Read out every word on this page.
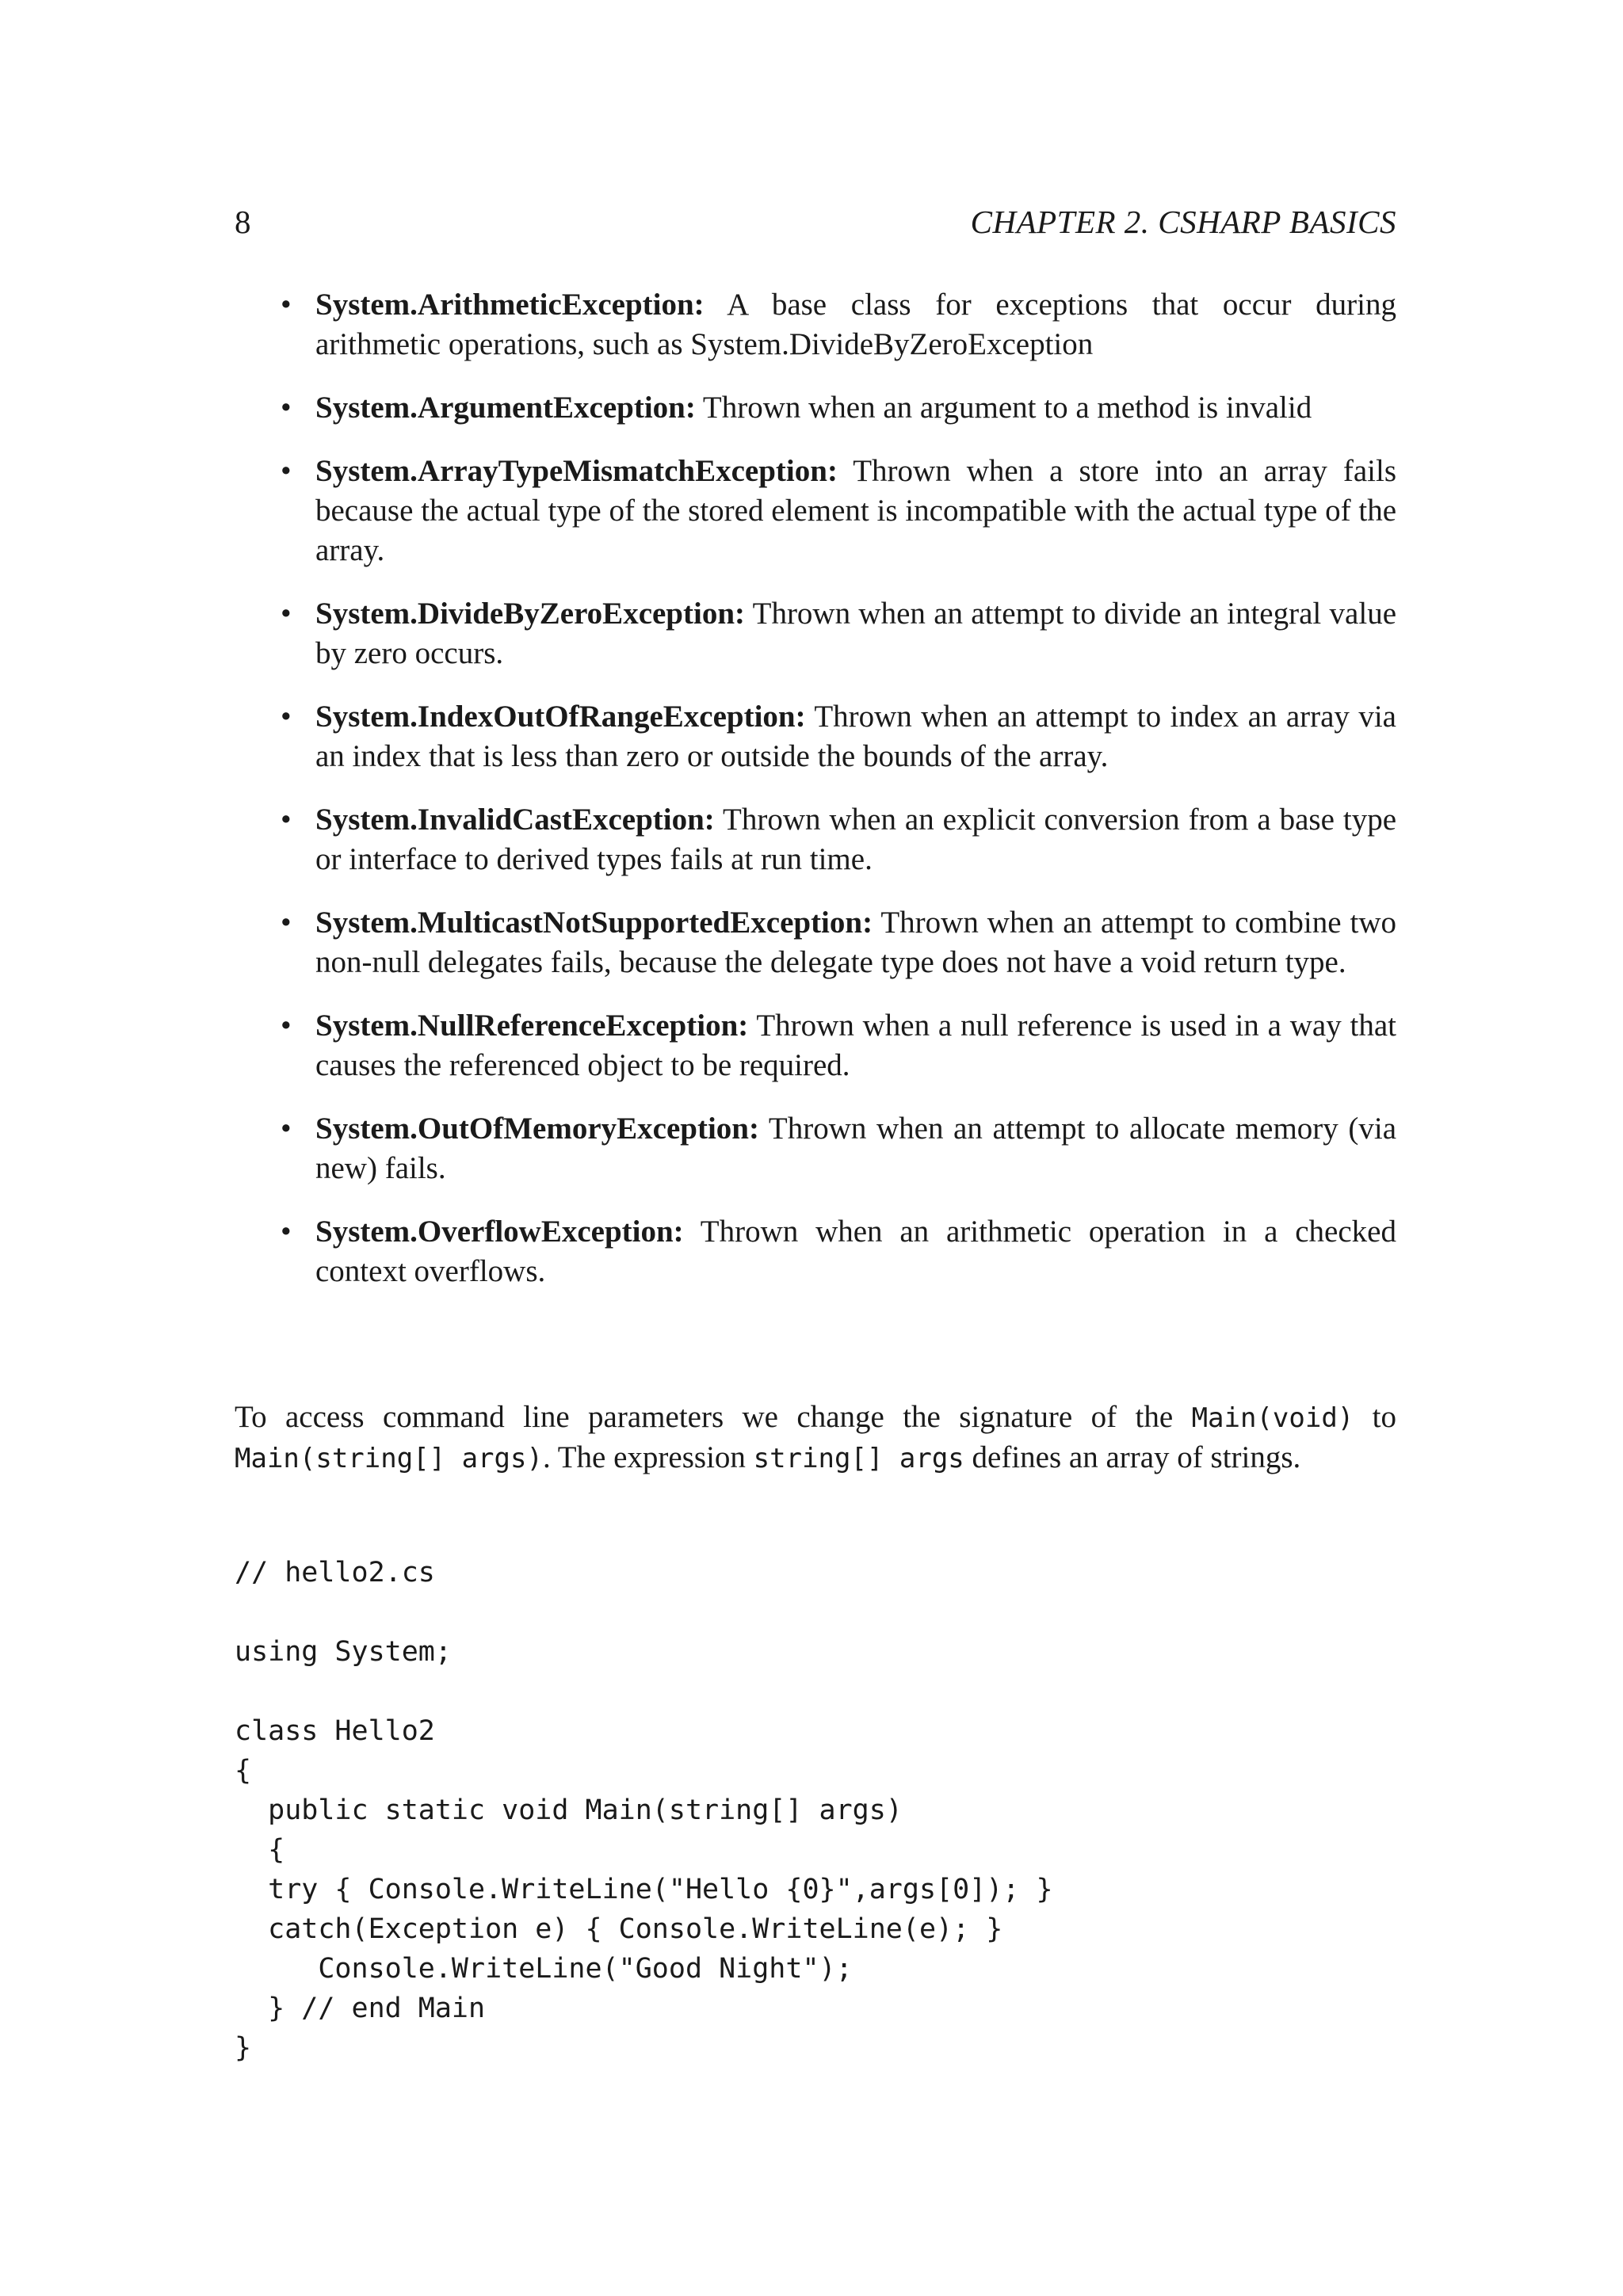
8	CHAPTER 2. CSHARP BASICS
• System.ArithmeticException: A base class for exceptions that occur during arithmetic operations, such as System.DivideByZeroException
• System.ArgumentException: Thrown when an argument to a method is invalid
• System.ArrayTypeMismatchException: Thrown when a store into an array fails because the actual type of the stored element is incompatible with the actual type of the array.
• System.DivideByZeroException: Thrown when an attempt to divide an integral value by zero occurs.
• System.IndexOutOfRangeException: Thrown when an attempt to index an array via an index that is less than zero or outside the bounds of the array.
• System.InvalidCastException: Thrown when an explicit conversion from a base type or interface to derived types fails at run time.
• System.MulticastNotSupportedException: Thrown when an attempt to combine two non-null delegates fails, because the delegate type does not have a void return type.
• System.NullReferenceException: Thrown when a null reference is used in a way that causes the referenced object to be required.
• System.OutOfMemoryException: Thrown when an attempt to allocate memory (via new) fails.
• System.OverflowException: Thrown when an arithmetic operation in a checked context overflows.

To access command line parameters we change the signature of the Main(void) to Main(string[] args). The expression string[] args defines an array of strings.

// hello2.cs

using System;

class Hello2
{
public static void Main(string[] args)
{
try { Console.WriteLine("Hello {0}",args[0]); }
catch(Exception e) { Console.WriteLine(e); }
Console.WriteLine("Good Night");
} // end Main
}
